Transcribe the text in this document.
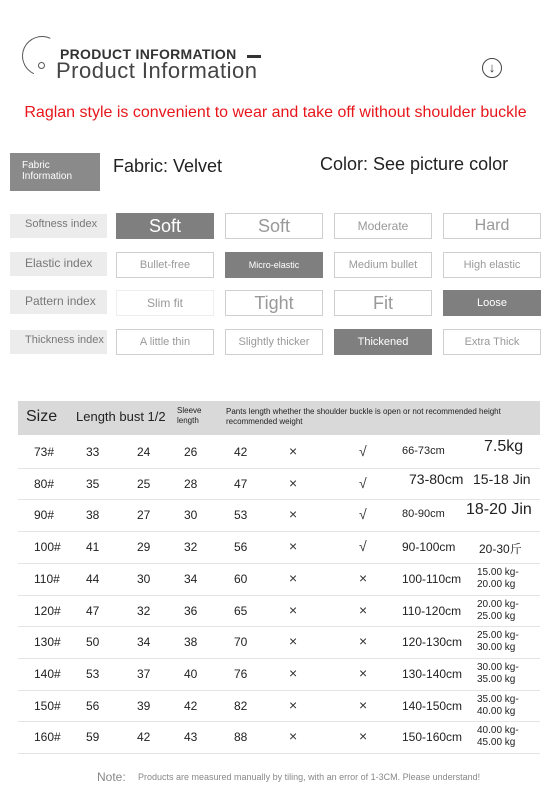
PRODUCT INFORMATION
Product Information	↓
Raglan style is convenient to wear and take off without shoulder buckle
Fabric Information
Fabric: Velvet	Color: See picture color
Softness index	Soft	Soft	Moderate	Hard
Elastic index	Bullet-free	Micro-elastic	Medium bullet	High elastic
Pattern index	Slim fit	Tight	Fit	Loose
Thickness index	A little thin	Slightly thicker	Thickened	Extra Thick
Size Length bust 1/2 Sleeve length
Pants length whether the shoulder buckle is open or not recommended height recommended weight
73#	33	24	26	42	×	√	66-73cm 7.5kg
80#	35	25	28	47	×	√	73-80cm 15-18 Jin
90#	38	27	30	53	×	√	80-90cm 18-20 Jin
100# 41	29	32	56	×	√	90-100cm 20-30斤
110# 44	30	34	60	×	×	100-110cm 15.00 kg-20.00 kg
120# 47	32	36	65	×	×	110-120cm 20.00 kg-25.00 kg
130# 50	34	38	70	×	×	120-130cm 25.00 kg-30.00 kg
140# 53	37	40	76	×	×	130-140cm 30.00 kg-35.00 kg
150# 56	39	42	82	×	×	140-150cm 35.00 kg-40.00 kg
160# 59	42	43	88	×	×	150-160cm 40.00 kg-45.00 kg
Note: Products are measured manually by tiling, with an error of 1-3CM. Please understand!
